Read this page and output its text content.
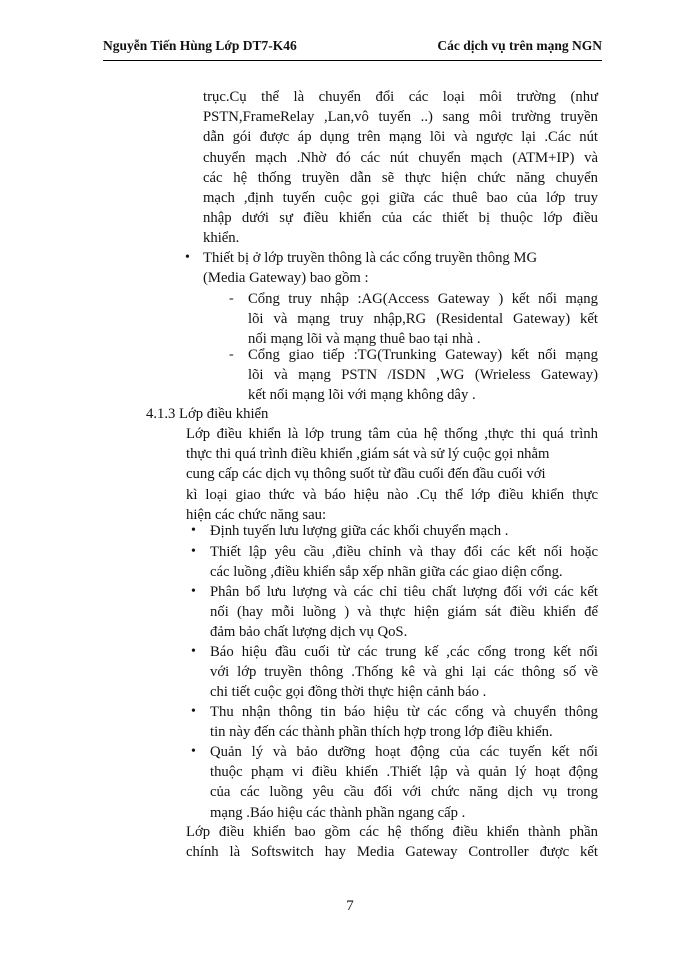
Nguyễn Tiến Hùng Lớp DT7-K46	Các dịch vụ trên mạng NGN
trục.Cụ thể là chuyển đổi các loại môi trường (như
PSTN,FrameRelay ,Lan,vô tuyến ..) sang môi trường truyền
dẫn gói được áp dụng trên mạng lõi và ngược lại .Các nút
chuyển mạch .Nhờ đó các nút chuyển mạch (ATM+IP) và
các hệ thống truyền dẫn sẽ thực hiện chức năng chuyển
mạch ,định tuyến cuộc gọi giữa các thuê bao của lớp truy
nhập dưới sự điều khiển của các thiết bị thuộc lớp điều
khiển.
• Thiết bị ở lớp truyền thông là các cổng truyền thông MG
(Media Gateway) bao gồm :
- Cổng truy nhập :AG(Access Gateway ) kết nối mạng
lõi và mạng truy nhập,RG (Residental Gateway) kết
nối mạng lõi và mạng thuê bao tại nhà .
- Cổng giao tiếp :TG(Trunking Gateway) kết nối mạng
lõi và mạng PSTN /ISDN ,WG (Wrieless Gateway)
kết nối mạng lõi với mạng không dây .
4.1.3 Lớp điều khiển
Lớp điều khiển là lớp trung tâm của hệ thống ,thực thi quá trình
thực thi quá trình điều khiển ,giám sát và sử lý cuộc gọi nhằm
cung cấp các dịch vụ thông suốt từ đầu cuối đến đầu cuối với
kì loại giao thức và báo hiệu nào .Cụ thể lớp điều khiển thực
hiện các chức năng sau:
• Định tuyến lưu lượng giữa các khối chuyển mạch .
• Thiết lập yêu cầu ,điều chỉnh và thay đổi các kết nối hoặc
các luồng ,điều khiển sắp xếp nhãn giữa các giao diện cổng.
• Phân bổ lưu lượng và các chỉ tiêu chất lượng đối với các kết
nối (hay mỗi luồng ) và thực hiện giám sát điều khiển để
đảm bảo chất lượng dịch vụ QoS.
• Báo hiệu đầu cuối từ các trung kế ,các cổng trong kết nối
với lớp truyền thông .Thống kê và ghi lại các thông số về
chi tiết cuộc gọi đồng thời thực hiện cảnh báo .
• Thu nhận thông tin báo hiệu từ các cổng và chuyển thông
tin này đến các thành phần thích hợp trong lớp điều khiển.
• Quản lý và bảo dưỡng hoạt động của các tuyến kết nối
thuộc phạm vi điều khiển .Thiết lập và quản lý hoạt động
của các luồng yêu cầu đối với chức năng dịch vụ trong
mạng .Báo hiệu các thành phần ngang cấp .
Lớp điều khiển bao gồm các hệ thống điều khiển thành phần
chính là Softswitch hay Media Gateway Controller được kết
7
